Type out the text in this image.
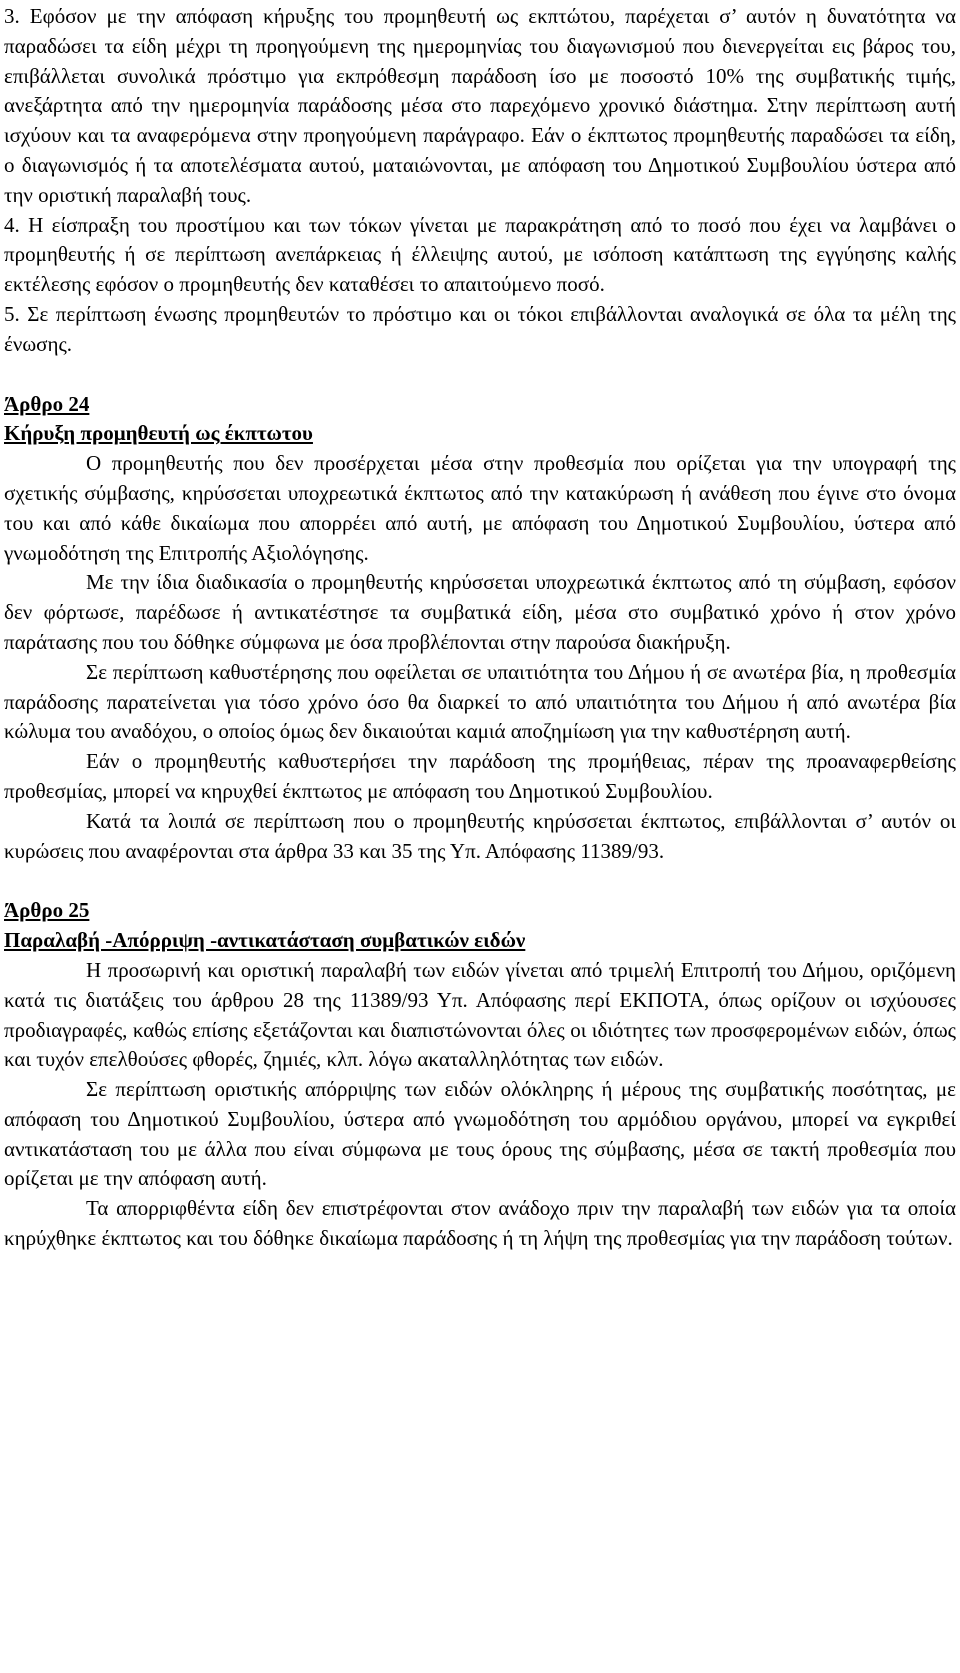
3. Εφόσον με την απόφαση κήρυξης του προμηθευτή ως εκπτώτου, παρέχεται σ’ αυτόν η δυνατότητα να παραδώσει τα είδη μέχρι τη προηγούμενη της ημερομηνίας του διαγωνισμού που διενεργείται εις βάρος του, επιβάλλεται συνολικά πρόστιμο για εκπρόθεσμη παράδοση ίσο με ποσοστό 10% της συμβατικής τιμής, ανεξάρτητα από την ημερομηνία παράδοσης μέσα στο παρεχόμενο χρονικό διάστημα. Στην περίπτωση αυτή ισχύουν και τα αναφερόμενα στην προηγούμενη παράγραφο. Εάν ο έκπτωτος προμηθευτής παραδώσει τα είδη, ο διαγωνισμός ή τα αποτελέσματα αυτού, ματαιώνονται, με απόφαση του Δημοτικού Συμβουλίου ύστερα από την οριστική παραλαβή τους.

4. Η είσπραξη του προστίμου και των τόκων γίνεται με παρακράτηση από το ποσό που έχει να λαμβάνει ο προμηθευτής ή σε περίπτωση ανεπάρκειας ή έλλειψης αυτού, με ισόποση κατάπτωση της εγγύησης καλής εκτέλεσης εφόσον ο προμηθευτής δεν καταθέσει το απαιτούμενο ποσό.

5. Σε περίπτωση ένωσης προμηθευτών το πρόστιμο και οι τόκοι επιβάλλονται αναλογικά σε όλα τα μέλη της ένωσης.

Άρθρο 24

Κήρυξη προμηθευτή ως έκπτωτου

Ο προμηθευτής που δεν προσέρχεται μέσα στην προθεσμία που ορίζεται για την υπογραφή της σχετικής σύμβασης, κηρύσσεται υποχρεωτικά έκπτωτος από την κατακύρωση ή ανάθεση που έγινε στο όνομα του και από κάθε δικαίωμα που απορρέει από αυτή, με απόφαση του Δημοτικού Συμβουλίου, ύστερα από γνωμοδότηση της Επιτροπής Αξιολόγησης.

Με την ίδια διαδικασία ο προμηθευτής κηρύσσεται υποχρεωτικά έκπτωτος από τη σύμβαση, εφόσον δεν φόρτωσε, παρέδωσε ή αντικατέστησε τα συμβατικά είδη, μέσα στο συμβατικό χρόνο ή στον χρόνο παράτασης που του δόθηκε σύμφωνα με όσα προβλέπονται στην παρούσα διακήρυξη.

Σε περίπτωση καθυστέρησης που οφείλεται σε υπαιτιότητα του Δήμου ή σε ανωτέρα βία, η προθεσμία παράδοσης παρατείνεται για τόσο χρόνο όσο θα διαρκεί το από υπαιτιότητα του Δήμου ή από ανωτέρα βία κώλυμα του αναδόχου, ο οποίος όμως δεν δικαιούται καμιά αποζημίωση για την καθυστέρηση αυτή.

Εάν ο προμηθευτής καθυστερήσει την παράδοση της προμήθειας, πέραν της προαναφερθείσης προθεσμίας, μπορεί να κηρυχθεί έκπτωτος με απόφαση του Δημοτικού Συμβουλίου.

Κατά τα λοιπά σε περίπτωση που ο προμηθευτής κηρύσσεται έκπτωτος, επιβάλλονται σ’ αυτόν οι κυρώσεις που αναφέρονται στα άρθρα 33 και 35 της Υπ. Απόφασης 11389/93.

Άρθρο 25

Παραλαβή -Απόρριψη -αντικατάσταση συμβατικών ειδών

Η προσωρινή και οριστική παραλαβή των ειδών γίνεται από τριμελή Επιτροπή του Δήμου, οριζόμενη κατά τις διατάξεις του άρθρου 28 της 11389/93 Υπ. Απόφασης περί ΕΚΠΟΤΑ, όπως ορίζουν οι ισχύουσες προδιαγραφές, καθώς επίσης εξετάζονται και διαπιστώνονται όλες οι ιδιότητες των προσφερομένων ειδών, όπως και τυχόν επελθούσες φθορές, ζημιές, κλπ. λόγω ακαταλληλότητας των ειδών.

Σε περίπτωση οριστικής απόρριψης των ειδών ολόκληρης ή μέρους της συμβατικής ποσότητας, με απόφαση του Δημοτικού Συμβουλίου, ύστερα από γνωμοδότηση του αρμόδιου οργάνου, μπορεί να εγκριθεί αντικατάσταση του με άλλα που είναι σύμφωνα με τους όρους της σύμβασης, μέσα σε τακτή προθεσμία που ορίζεται με την απόφαση αυτή.

Τα απορριφθέντα είδη δεν επιστρέφονται στον ανάδοχο πριν την παραλαβή των ειδών για τα οποία κηρύχθηκε έκπτωτος και του δόθηκε δικαίωμα παράδοσης ή τη λήψη της προθεσμίας για την παράδοση τούτων.
